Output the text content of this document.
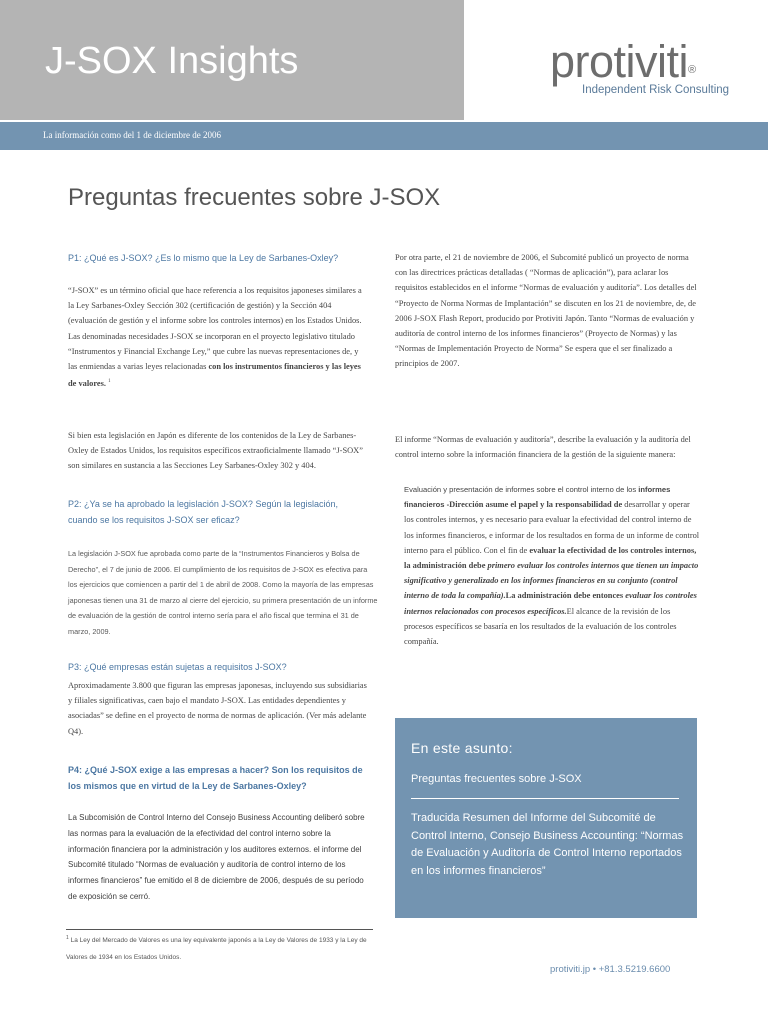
J-SOX Insights	protiviti®
Independent Risk Consulting
La información como del 1 de diciembre de 2006
Preguntas frecuentes sobre J-SOX
P1: ¿Qué es J-SOX? ¿Es lo mismo que la Ley de Sarbanes-Oxley?
“J-SOX” es un término oficial que hace referencia a los requisitos japoneses similares a la Ley Sarbanes-Oxley Sección 302 (certificación de gestión) y la Sección 404 (evaluación de gestión y el informe sobre los controles internos) en los Estados Unidos. Las denominadas necesidades J-SOX se incorporan en el proyecto legislativo titulado “Instrumentos y Financial Exchange Ley,” que cubre las nuevas representaciones de, y las enmiendas a varias leyes relacionadas con los instrumentos financieros y las leyes de valores. $^1$
Si bien esta legislación en Japón es diferente de los contenidos de la Ley de Sarbanes-Oxley de Estados Unidos, los requisitos específicos extraoficialmente llamado “J-SOX” son similares en sustancia a las Secciones Ley Sarbanes-Oxley 302 y 404.
P2: ¿Ya se ha aprobado la legislación J-SOX? Según la legislación, cuando se los requisitos J-SOX ser eficaz?
La legislación J-SOX fue aprobada como parte de la “Instrumentos Financieros y Bolsa de Derecho”, el 7 de junio de 2006. El cumplimiento de los requisitos de J-SOX es efectiva para los ejercicios que comiencen a partir del 1 de abril de 2008. Como la mayoría de las empresas japonesas tienen una 31 de marzo al cierre del ejercicio, su primera presentación de un informe de evaluación de la gestión de control interno sería para el año fiscal que termina el 31 de marzo, 2009.
P3: ¿Qué empresas están sujetas a requisitos J-SOX?
Aproximadamente 3.800 que figuran las empresas japonesas, incluyendo sus subsidiarias y filiales significativas, caen bajo el mandato J-SOX. Las entidades dependientes y asociadas” se define en el proyecto de norma de normas de aplicación. (Ver más adelante Q4).
P4: ¿Qué J-SOX exige a las empresas a hacer? Son los requisitos de los mismos que en virtud de la Ley de Sarbanes-Oxley?
La Subcomisión de Control Interno del Consejo Business Accounting deliberó sobre las normas para la evaluación de la efectividad del control interno sobre la información financiera por la administración y los auditores externos. el informe del Subcomité titulado “Normas de evaluación y auditoría de control interno de los informes financieros” fue emitido el 8 de diciembre de 2006, después de su período de exposición se cerró.
$^1$ La Ley del Mercado de Valores es una ley equivalente japonés a la Ley de Valores de 1933 y la Ley de Valores de 1934 en los Estados Unidos.
Por otra parte, el 21 de noviembre de 2006, el Subcomité publicó un proyecto de norma con las directrices prácticas detalladas ( “Normas de aplicación”), para aclarar los requisitos establecidos en el informe “Normas de evaluación y auditoría”. Los detalles del “Proyecto de Norma Normas de Implantación” se discuten en los 21 de noviembre, de, de 2006 J-SOX Flash Report, producido por Protiviti Japón. Tanto “Normas de evaluación y auditoría de control interno de los informes financieros” (Proyecto de Normas) y las “Normas de Implementación Proyecto de Norma” Se espera que el ser finalizado a principios de 2007.
El informe “Normas de evaluación y auditoría”, describe la evaluación y la auditoría del control interno sobre la información financiera de la gestión de la siguiente manera:
Evaluación y presentación de informes sobre el control interno de los informes financieros -Dirección asume el papel y la responsabilidad de desarrollar y operar los controles internos, y es necesario para evaluar la efectividad del control interno de los informes financieros, e informar de los resultados en forma de un informe de control interno para el público. Con el fin de evaluar la efectividad de los controles internos, la administración debe primero evaluar los controles internos que tienen un impacto significativo y generalizado en los informes financieros en su conjunto (control interno de toda la compañía).La administración debe entonces evaluar los controles internos relacionados con procesos específicos.El alcance de la revisión de los procesos específicos se basaría en los resultados de la evaluación de los controles compañía.
En este asunto:
Preguntas frecuentes sobre J-SOX
Traducida Resumen del Informe del Subcomité de Control Interno, Consejo Business Accounting: “Normas de Evaluación y Auditoría de Control Interno reportados en los informes financieros”
protiviti.jp • +81.3.5219.6600
